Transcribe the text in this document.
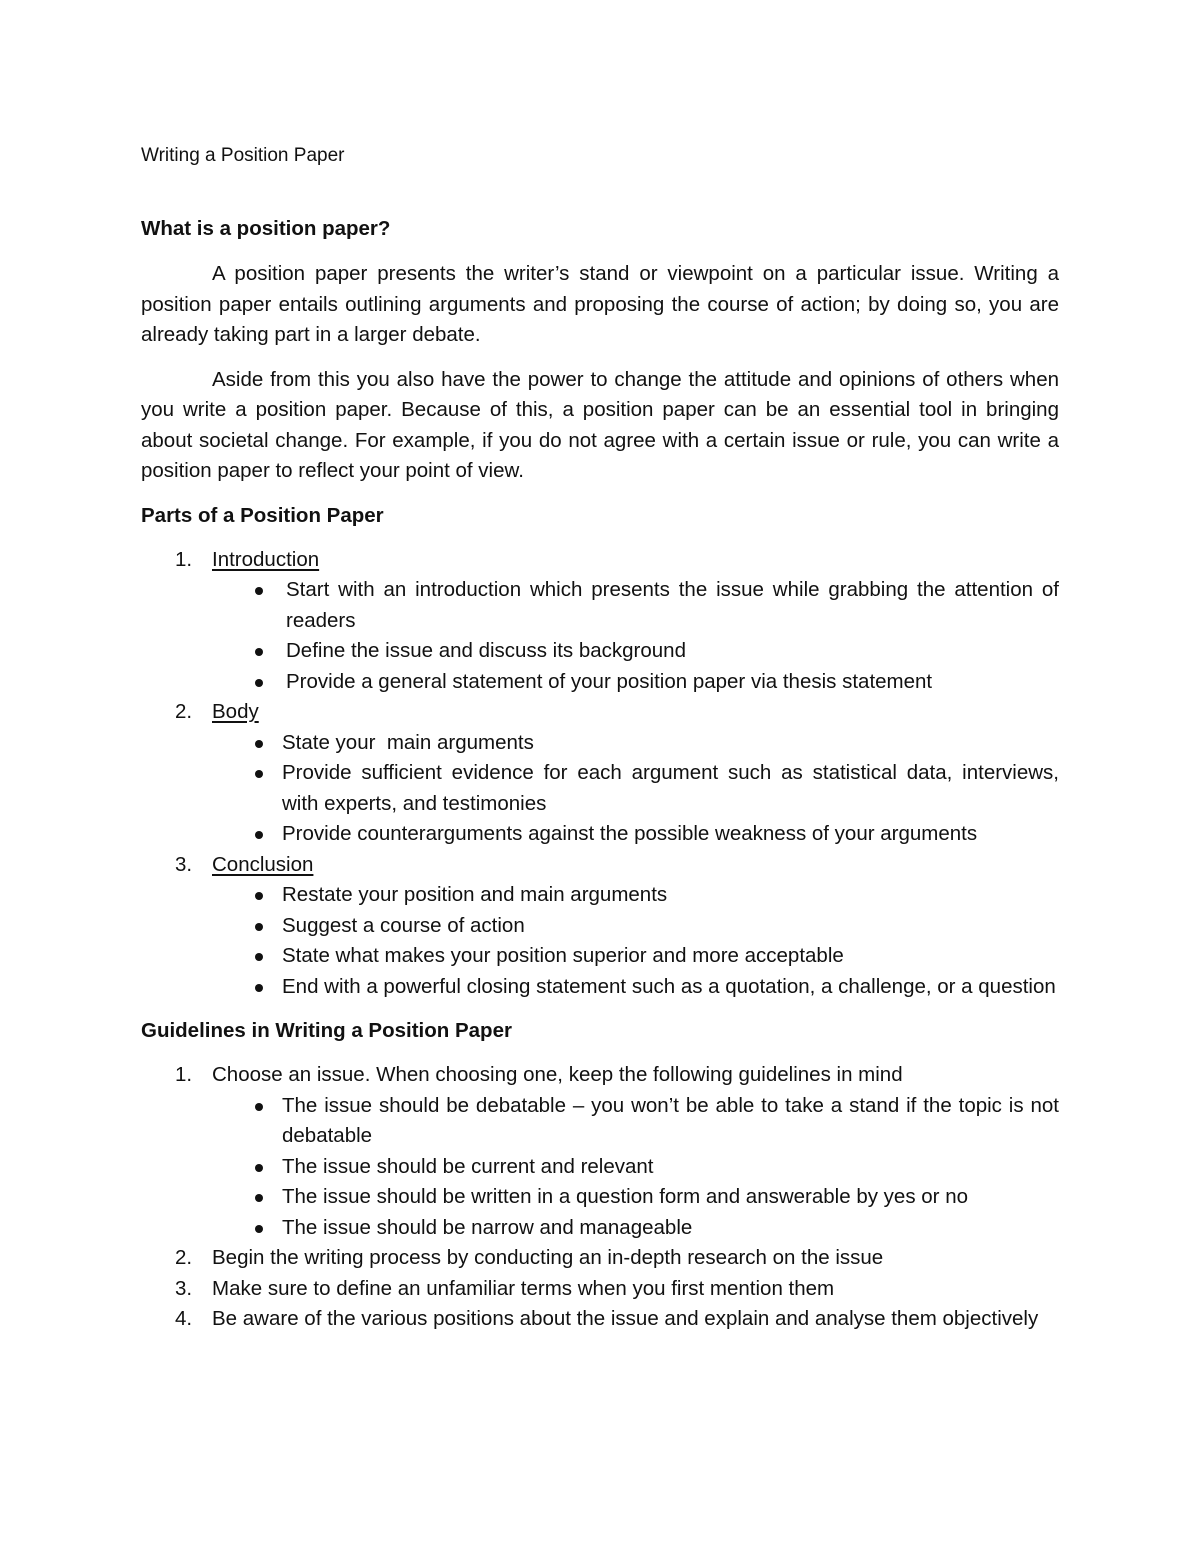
Writing a Position Paper

What is a position paper?

A position paper presents the writer’s stand or viewpoint on a particular issue. Writing a position paper entails outlining arguments and proposing the course of action; by doing so, you are already taking part in a larger debate.

Aside from this you also have the power to change the attitude and opinions of others when you write a position paper. Because of this, a position paper can be an essential tool in bringing about societal change. For example, if you do not agree with a certain issue or rule, you can write a position paper to reflect your point of view.

Parts of a Position Paper

1. Introduction
Start with an introduction which presents the issue while grabbing the attention of readers
Define the issue and discuss its background
Provide a general statement of your position paper via thesis statement
2. Body
State your  main arguments
Provide sufficient evidence for each argument such as statistical data, interviews, with experts, and testimonies
Provide counterarguments against the possible weakness of your arguments
3. Conclusion
Restate your position and main arguments
Suggest a course of action
State what makes your position superior and more acceptable
End with a powerful closing statement such as a quotation, a challenge, or a question

Guidelines in Writing a Position Paper

1. Choose an issue. When choosing one, keep the following guidelines in mind
The issue should be debatable – you won’t be able to take a stand if the topic is not debatable
The issue should be current and relevant
The issue should be written in a question form and answerable by yes or no
The issue should be narrow and manageable
2. Begin the writing process by conducting an in-depth research on the issue
3. Make sure to define an unfamiliar terms when you first mention them
4. Be aware of the various positions about the issue and explain and analyse them objectively
